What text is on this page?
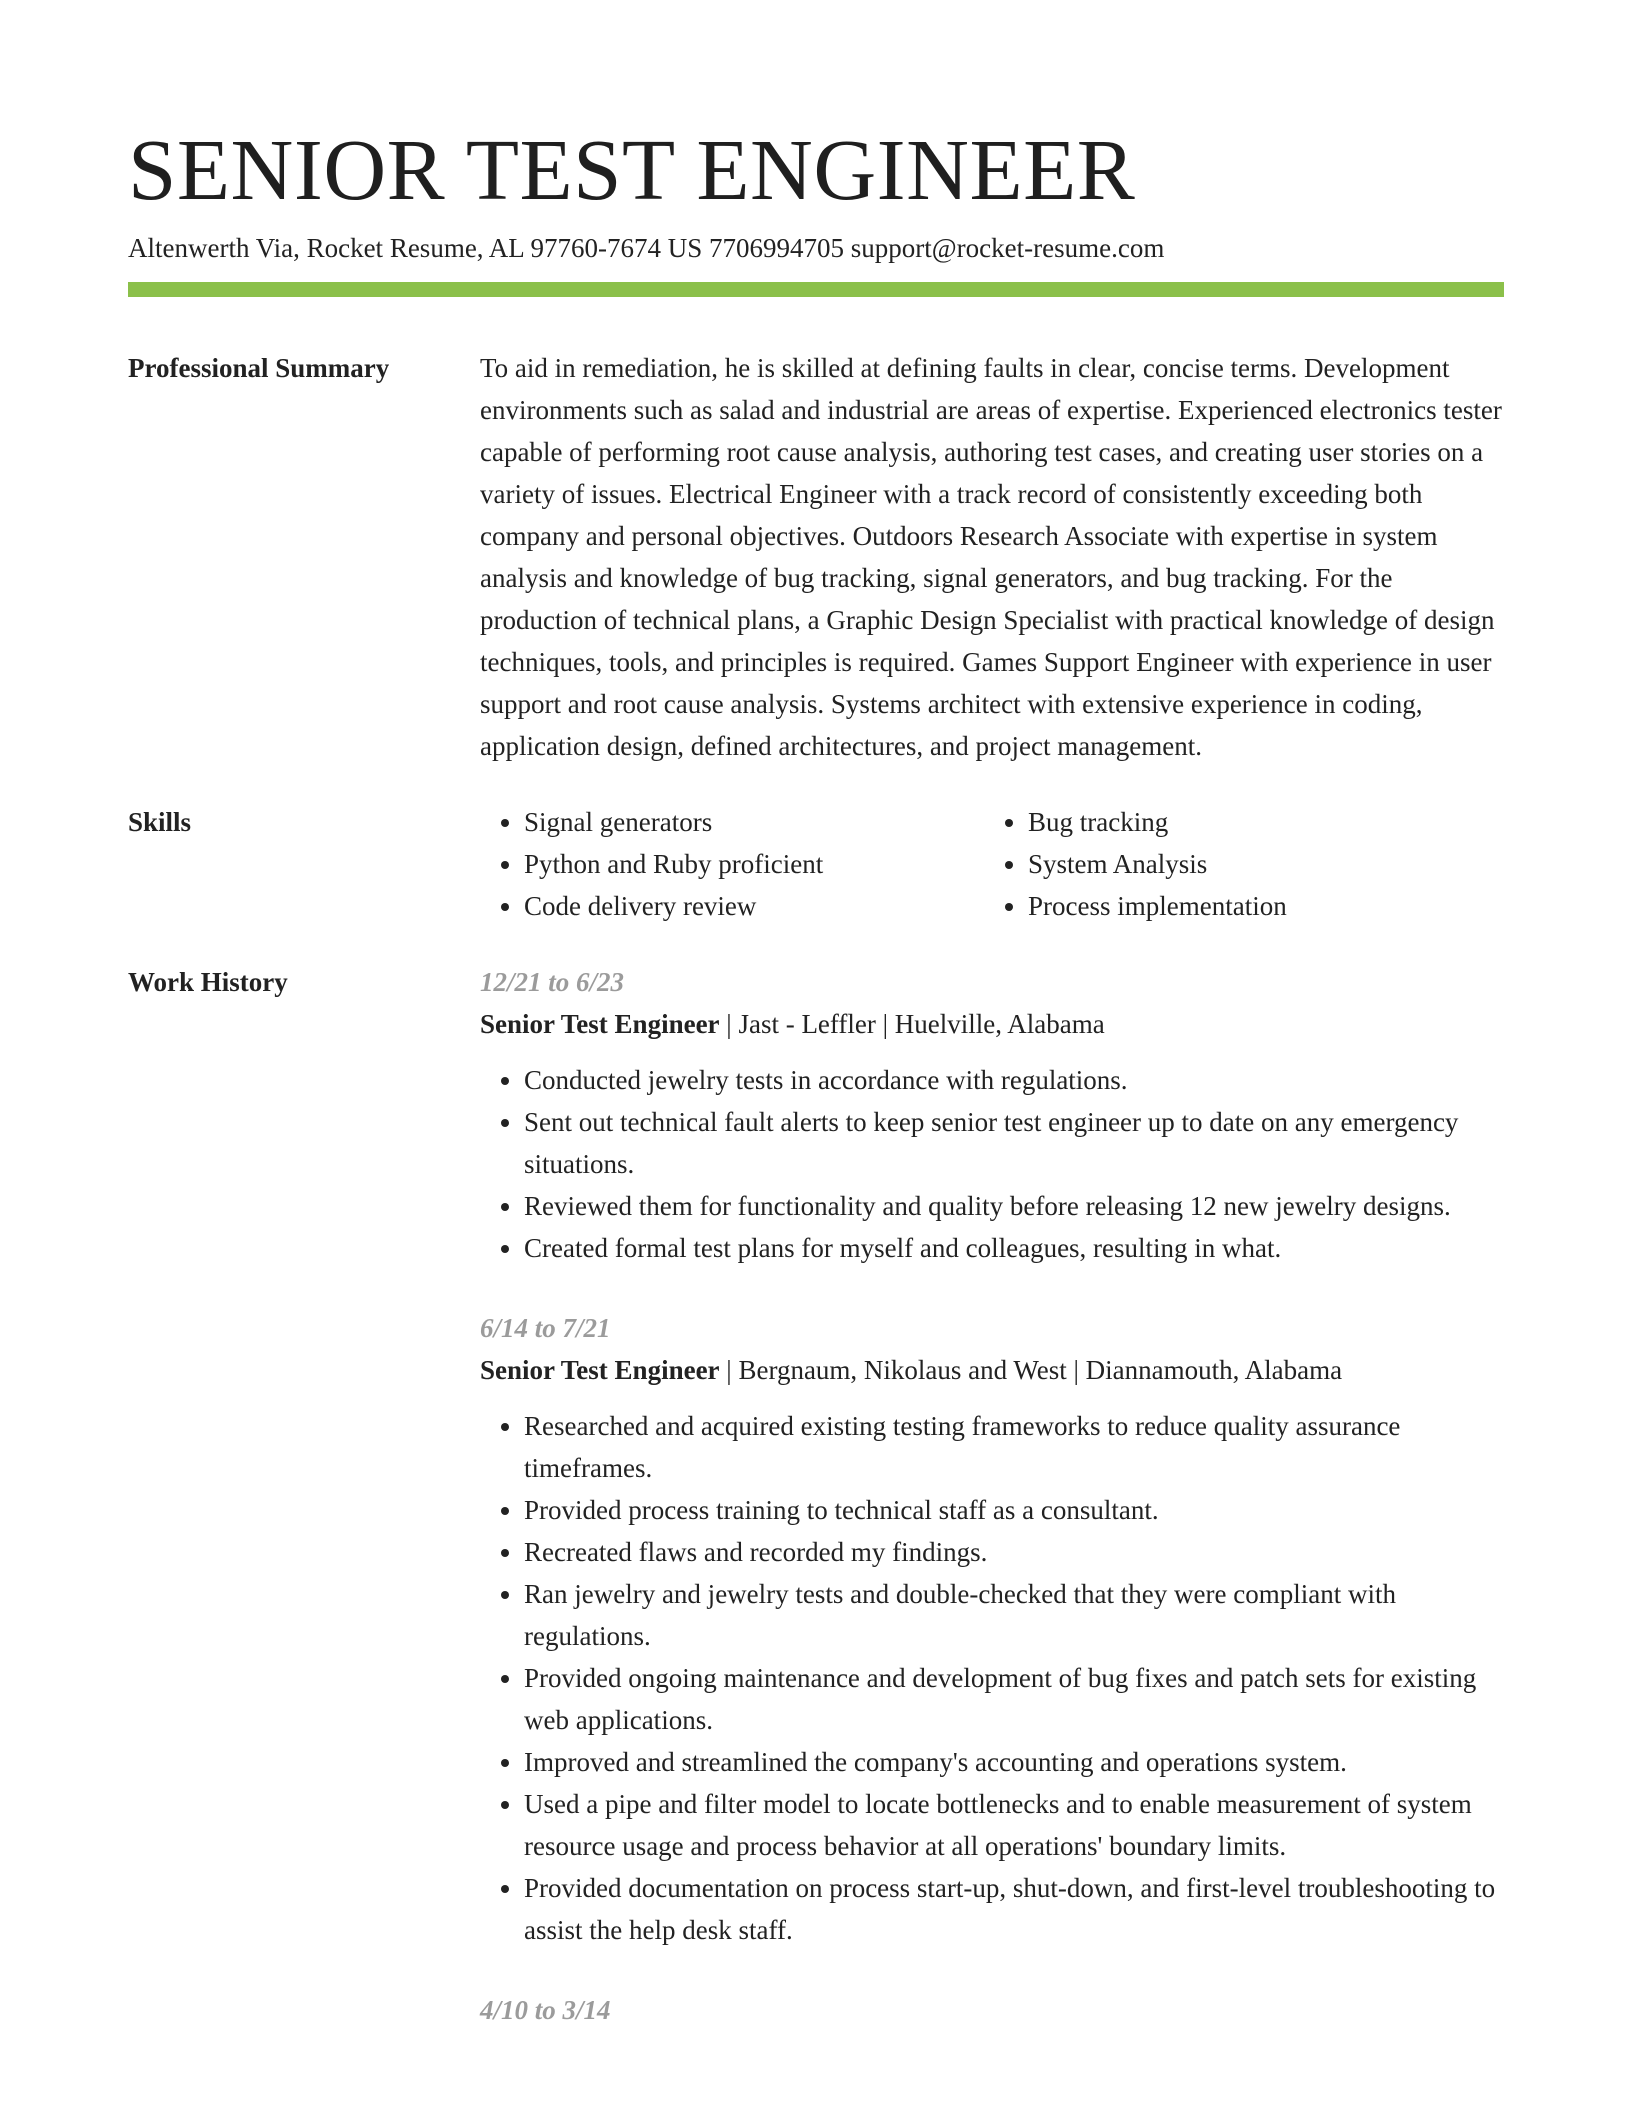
SENIOR TEST ENGINEER
Altenwerth Via, Rocket Resume, AL 97760-7674 US 7706994705 support@rocket-resume.com
Professional Summary	To aid in remediation, he is skilled at defining faults in clear, concise terms. Development environments such as salad and industrial are areas of expertise. Experienced electronics tester capable of performing root cause analysis, authoring test cases, and creating user stories on a variety of issues. Electrical Engineer with a track record of consistently exceeding both company and personal objectives. Outdoors Research Associate with expertise in system analysis and knowledge of bug tracking, signal generators, and bug tracking. For the production of technical plans, a Graphic Design Specialist with practical knowledge of design techniques, tools, and principles is required. Games Support Engineer with experience in user support and root cause analysis. Systems architect with extensive experience in coding, application design, defined architectures, and project management.

Skills
•	Signal generators
• Python and Ruby proficient
• Code delivery review
• Bug tracking
• System Analysis
• Process implementation
Work History	12/21 to 6/23
Senior Test Engineer | Jast - Leffler | Huelville, Alabama
• Conducted jewelry tests in accordance with regulations.
• Sent out technical fault alerts to keep senior test engineer up to date on any emergency situations.
• Reviewed them for functionality and quality before releasing 12 new jewelry designs.
• Created formal test plans for myself and colleagues, resulting in what.
6/14 to 7/21
Senior Test Engineer | Bergnaum, Nikolaus and West | Diannamouth, Alabama
• Researched and acquired existing testing frameworks to reduce quality assurance timeframes.
• Provided process training to technical staff as a consultant.
• Recreated flaws and recorded my findings.
• Ran jewelry and jewelry tests and double-checked that they were compliant with regulations.
• Provided ongoing maintenance and development of bug fixes and patch sets for existing web applications.
• Improved and streamlined the company's accounting and operations system.
• Used a pipe and filter model to locate bottlenecks and to enable measurement of system resource usage and process behavior at all operations' boundary limits.
• Provided documentation on process start-up, shut-down, and first-level troubleshooting to assist the help desk staff.
4/10 to 3/14
